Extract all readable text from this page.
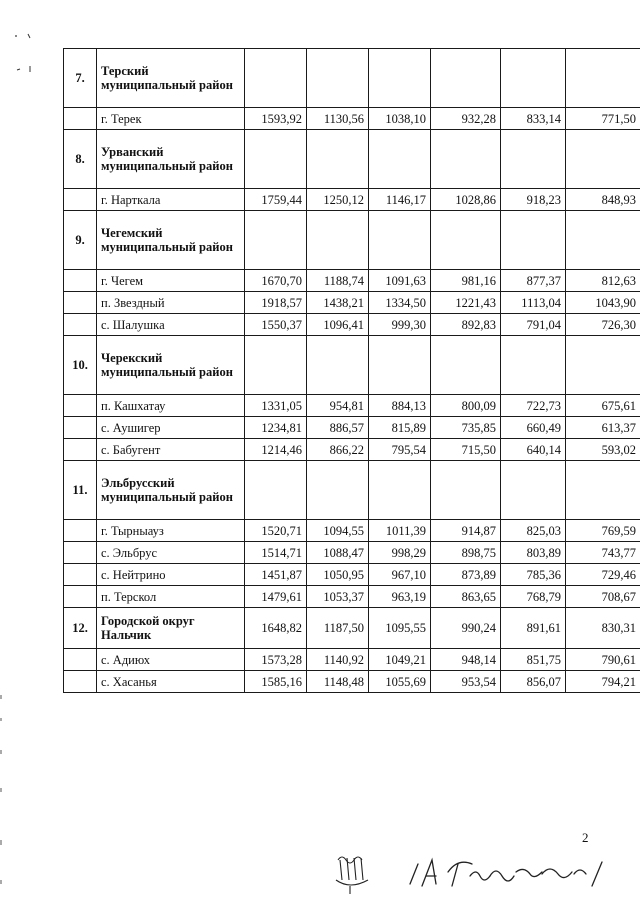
7.	Терский муниципальный район						
	г. Терек	1593,92	1130,56	1038,10	932,28	833,14	771,50
8.	Урванский муниципальный район						
	г. Нарткала	1759,44	1250,12	1146,17	1028,86	918,23	848,93
9.	Чегемский муниципальный район						
	г. Чегем	1670,70	1188,74	1091,63	981,16	877,37	812,63
	п. Звездный	1918,57	1438,21	1334,50	1221,43	1113,04	1043,90
	с. Шалушка	1550,37	1096,41	999,30	892,83	791,04	726,30
10.	Черекский муниципальный район						
	п. Кашхатау	1331,05	954,81	884,13	800,09	722,73	675,61
	с. Аушигер	1234,81	886,57	815,89	735,85	660,49	613,37
	с. Бабугент	1214,46	866,22	795,54	715,50	640,14	593,02
11.	Эльбрусский муниципальный район						
	г. Тырныауз	1520,71	1094,55	1011,39	914,87	825,03	769,59
	с. Эльбрус	1514,71	1088,47	998,29	898,75	803,89	743,77
	с. Нейтрино	1451,87	1050,95	967,10	873,89	785,36	729,46
	п. Терскол	1479,61	1053,37	963,19	863,65	768,79	708,67
12.	Городской округ Нальчик	1648,82	1187,50	1095,55	990,24	891,61	830,31
	с. Адиюх	1573,28	1140,92	1049,21	948,14	851,75	790,61
	с. Хасанья	1585,16	1148,48	1055,69	953,54	856,07	794,21
2
